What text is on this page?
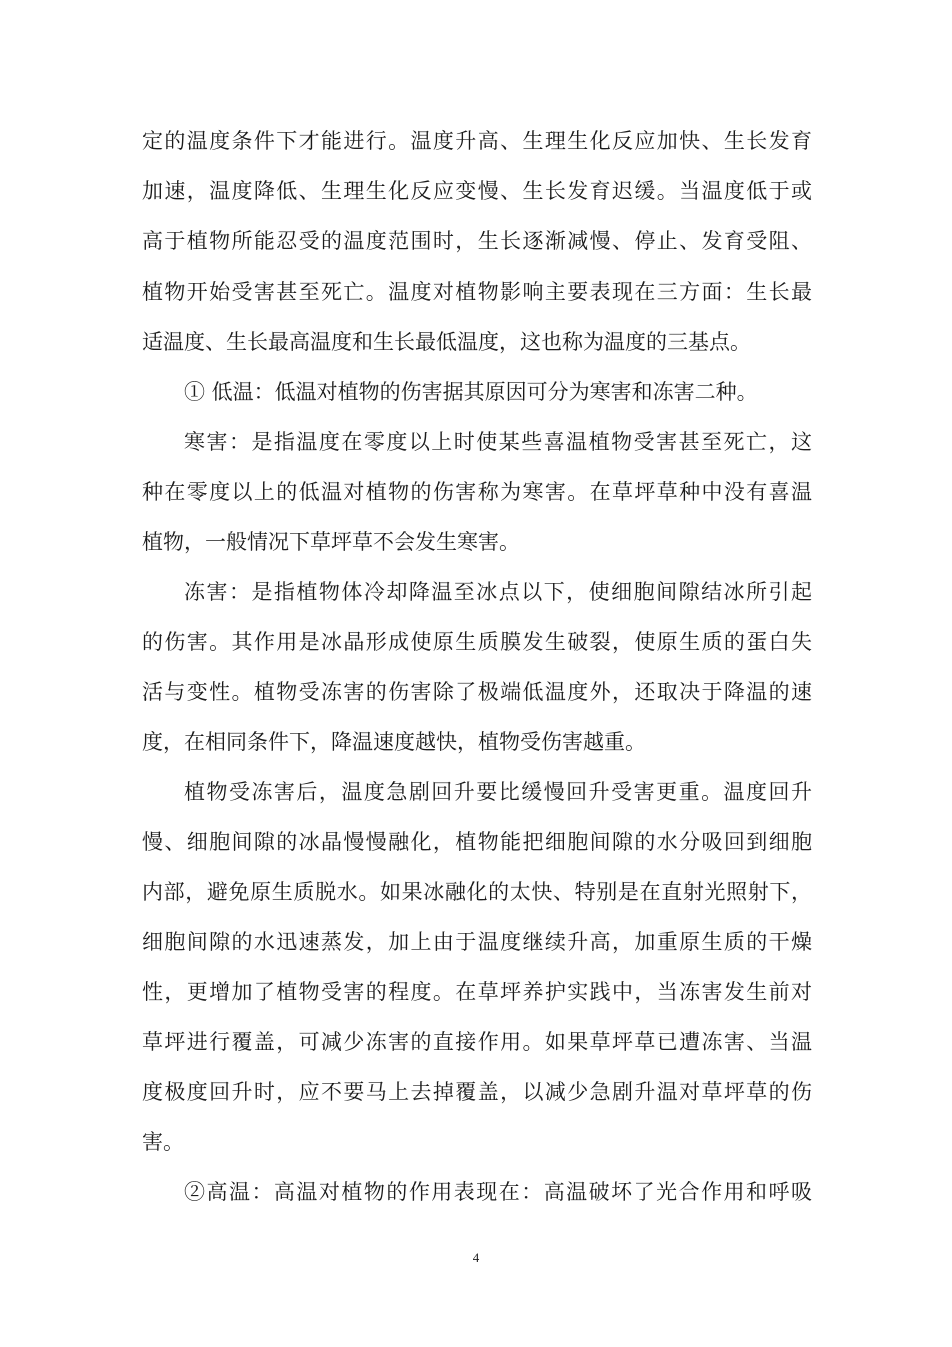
定的温度条件下才能进行。温度升高、生理生化反应加快、生长发育
加速，温度降低、生理生化反应变慢、生长发育迟缓。当温度低于或
高于植物所能忍受的温度范围时，生长逐渐减慢、停止、发育受阻、
植物开始受害甚至死亡。温度对植物影响主要表现在三方面：生长最
适温度、生长最高温度和生长最低温度，这也称为温度的三基点。
① 低温：低温对植物的伤害据其原因可分为寒害和冻害二种。
寒害：是指温度在零度以上时使某些喜温植物受害甚至死亡，这
种在零度以上的低温对植物的伤害称为寒害。在草坪草种中没有喜温
植物，一般情况下草坪草不会发生寒害。
冻害：是指植物体冷却降温至冰点以下，使细胞间隙结冰所引起
的伤害。其作用是冰晶形成使原生质膜发生破裂，使原生质的蛋白失
活与变性。植物受冻害的伤害除了极端低温度外，还取决于降温的速
度，在相同条件下，降温速度越快，植物受伤害越重。
植物受冻害后，温度急剧回升要比缓慢回升受害更重。温度回升
慢、细胞间隙的冰晶慢慢融化，植物能把细胞间隙的水分吸回到细胞
内部，避免原生质脱水。如果冰融化的太快、特别是在直射光照射下，
细胞间隙的水迅速蒸发，加上由于温度继续升高，加重原生质的干燥
性，更增加了植物受害的程度。在草坪养护实践中，当冻害发生前对
草坪进行覆盖，可减少冻害的直接作用。如果草坪草已遭冻害、当温
度极度回升时，应不要马上去掉覆盖，以减少急剧升温对草坪草的伤
害。
②高温：高温对植物的作用表现在：高温破坏了光合作用和呼吸
4
